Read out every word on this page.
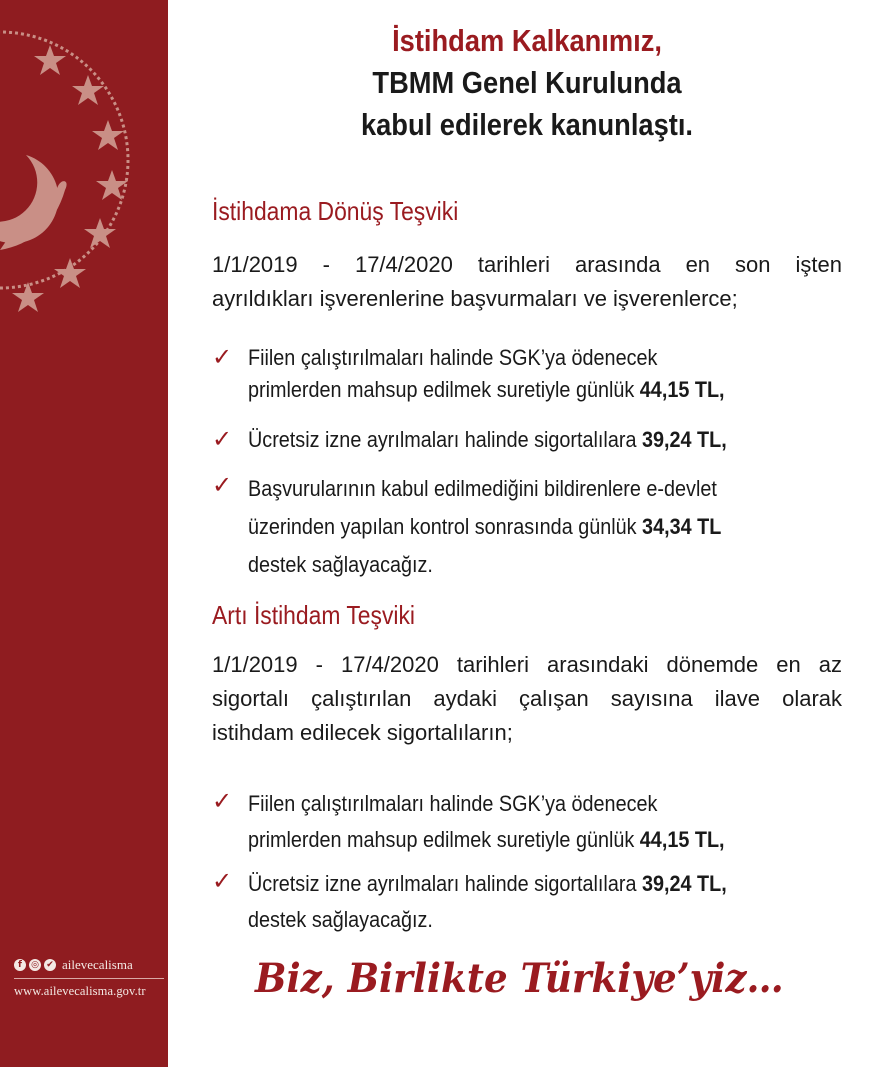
f	◎ ✔ ailevecalisma
www.ailevecalisma.gov.tr
İstihdam Kalkanımız,
TBMM Genel Kurulunda
kabul edilerek kanunlaştı.
İstihdama Dönüş Teşviki
1/1/2019 - 17/4/2020 tarihleri arasında en son işten
ayrıldıkları işverenlerine başvurmaları ve işverenlerce;
✓ Fiilen çalıştırılmaları halinde SGK’ya ödenecek
primlerden mahsup edilmek suretiyle günlük 44,15 TL,
✓ Ücretsiz izne ayrılmaları halinde sigortalılara 39,24 TL,
✓ Başvurularının kabul edilmediğini bildirenlere e-devlet
üzerinden yapılan kontrol sonrasında günlük 34,34 TL
destek sağlayacağız.
Artı İstihdam Teşviki
1/1/2019 - 17/4/2020 tarihleri arasındaki dönemde en az
sigortalı çalıştırılan aydaki çalışan sayısına ilave olarak
istihdam edilecek sigortalıların;
✓ Fiilen çalıştırılmaları halinde SGK’ya ödenecek
primlerden mahsup edilmek suretiyle günlük 44,15 TL,
✓ Ücretsiz izne ayrılmaları halinde sigortalılara 39,24 TL,
destek sağlayacağız.
Biz, Birlikte Türkiye’yiz…
